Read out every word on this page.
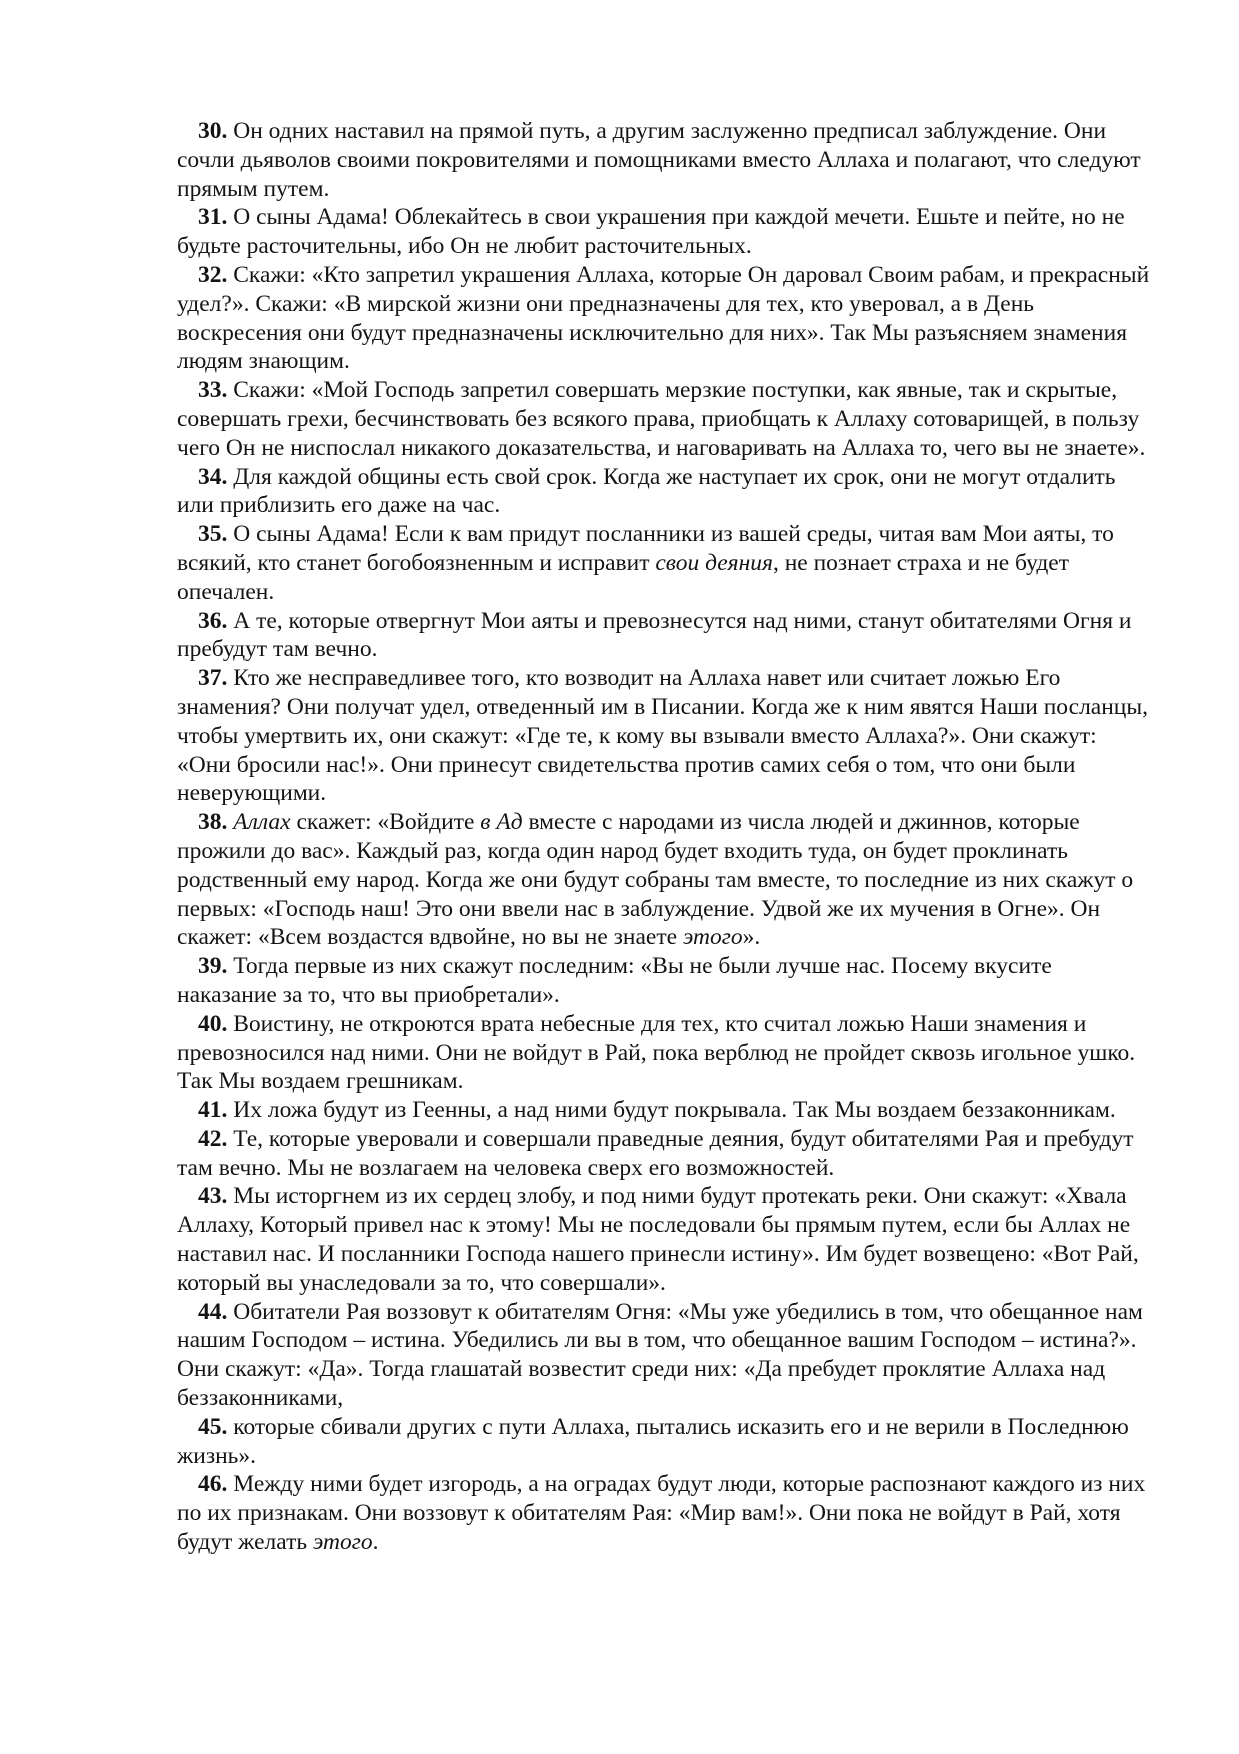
30. Он одних наставил на прямой путь, а другим заслуженно предписал заблуждение. Они сочли дьяволов своими покровителями и помощниками вместо Аллаха и полагают, что следуют прямым путем.

31. О сыны Адама! Облекайтесь в свои украшения при каждой мечети. Ешьте и пейте, но не будьте расточительны, ибо Он не любит расточительных.

32. Скажи: «Кто запретил украшения Аллаха, которые Он даровал Своим рабам, и прекрасный удел?». Скажи: «В мирской жизни они предназначены для тех, кто уверовал, а в День воскресения они будут предназначены исключительно для них». Так Мы разъясняем знамения людям знающим.

33. Скажи: «Мой Господь запретил совершать мерзкие поступки, как явные, так и скрытые, совершать грехи, бесчинствовать без всякого права, приобщать к Аллаху сотоварищей, в пользу чего Он не ниспослал никакого доказательства, и наговаривать на Аллаха то, чего вы не знаете».

34. Для каждой общины есть свой срок. Когда же наступает их срок, они не могут отдалить или приблизить его даже на час.

35. О сыны Адама! Если к вам придут посланники из вашей среды, читая вам Мои аяты, то всякий, кто станет богобоязненным и исправит свои деяния, не познает страха и не будет опечален.

36. А те, которые отвергнут Мои аяты и превознесутся над ними, станут обитателями Огня и пребудут там вечно.

37. Кто же несправедливее того, кто возводит на Аллаха навет или считает ложью Его знамения? Они получат удел, отведенный им в Писании. Когда же к ним явятся Наши посланцы, чтобы умертвить их, они скажут: «Где те, к кому вы взывали вместо Аллаха?». Они скажут: «Они бросили нас!». Они принесут свидетельства против самих себя о том, что они были неверующими.

38. Аллах скажет: «Войдите в Ад вместе с народами из числа людей и джиннов, которые прожили до вас». Каждый раз, когда один народ будет входить туда, он будет проклинать родственный ему народ. Когда же они будут собраны там вместе, то последние из них скажут о первых: «Господь наш! Это они ввели нас в заблуждение. Удвой же их мучения в Огне». Он скажет: «Всем воздастся вдвойне, но вы не знаете этого».

39. Тогда первые из них скажут последним: «Вы не были лучше нас. Посему вкусите наказание за то, что вы приобретали».

40. Воистину, не откроются врата небесные для тех, кто считал ложью Наши знамения и превозносился над ними. Они не войдут в Рай, пока верблюд не пройдет сквозь игольное ушко. Так Мы воздаем грешникам.

41. Их ложа будут из Геенны, а над ними будут покрывала. Так Мы воздаем беззаконникам.

42. Те, которые уверовали и совершали праведные деяния, будут обитателями Рая и пребудут там вечно. Мы не возлагаем на человека сверх его возможностей.

43. Мы исторгнем из их сердец злобу, и под ними будут протекать реки. Они скажут: «Хвала Аллаху, Который привел нас к этому! Мы не последовали бы прямым путем, если бы Аллах не наставил нас. И посланники Господа нашего принесли истину». Им будет возвещено: «Вот Рай, который вы унаследовали за то, что совершали».

44. Обитатели Рая воззовут к обитателям Огня: «Мы уже убедились в том, что обещанное нам нашим Господом – истина. Убедились ли вы в том, что обещанное вашим Господом – истина?». Они скажут: «Да». Тогда глашатай возвестит среди них: «Да пребудет проклятие Аллаха над беззаконниками,

45. которые сбивали других с пути Аллаха, пытались исказить его и не верили в Последнюю жизнь».

46. Между ними будет изгородь, а на оградах будут люди, которые распознают каждого из них по их признакам. Они воззовут к обитателям Рая: «Мир вам!». Они пока не войдут в Рай, хотя будут желать этого.
